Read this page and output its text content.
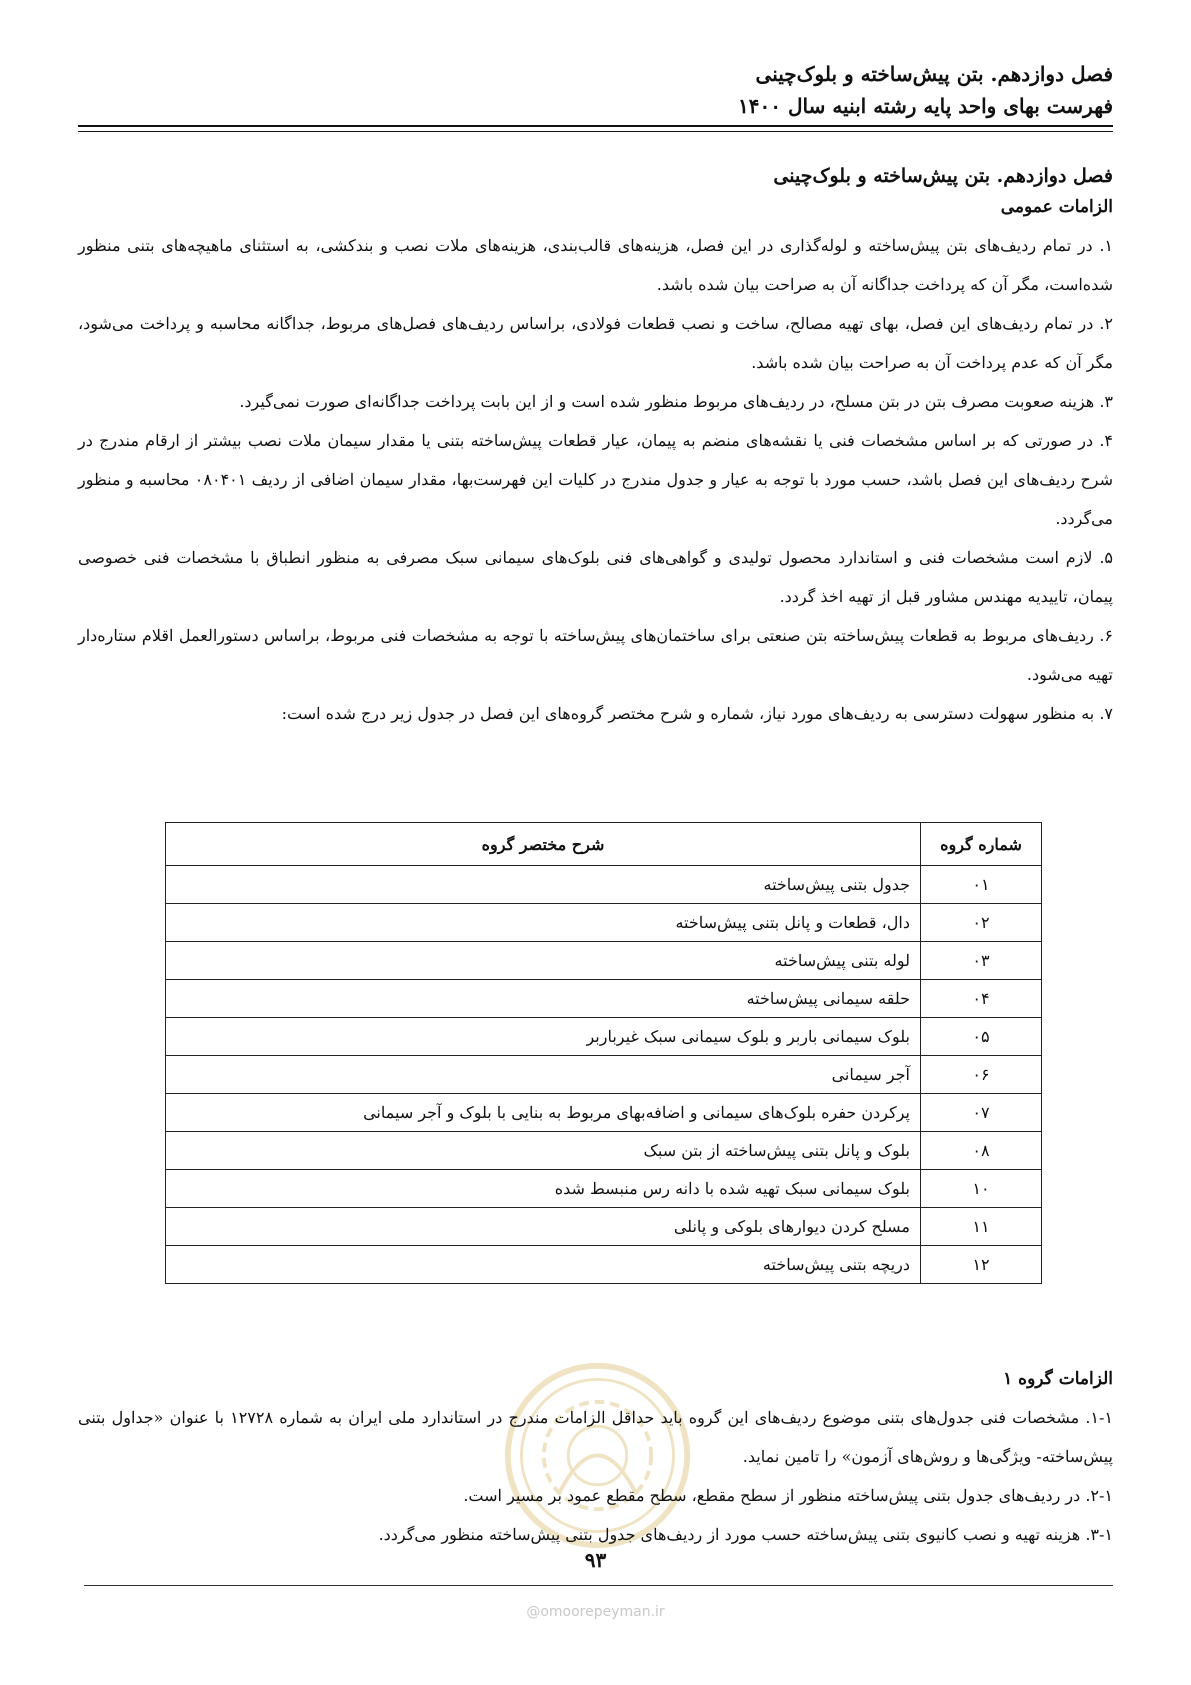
فصل دوازدهم. بتن پیش‌ساخته و بلوک‌چینی
فهرست بهای واحد پایه رشته ابنیه سال ۱۴۰۰

فصل دوازدهم. بتن پیش‌ساخته و بلوک‌چینی

الزامات عمومی

۱. در تمام ردیف‌های بتن پیش‌ساخته و لوله‌گذاری در این فصل، هزینه‌های قالب‌بندی، هزینه‌های ملات نصب و بندکشی، به استثنای ماهیچه‌های بتنی منظور شده‌است، مگر آن که پرداخت جداگانه آن به صراحت بیان شده باشد.

۲. در تمام ردیف‌های این فصل، بهای تهیه مصالح، ساخت و نصب قطعات فولادی، براساس ردیف‌های فصل‌های مربوط، جداگانه محاسبه و پرداخت می‌شود، مگر آن که عدم پرداخت آن به صراحت بیان شده باشد.

۳. هزینه صعوبت مصرف بتن در بتن مسلح، در ردیف‌های مربوط منظور شده است و از این بابت پرداخت جداگانه‌ای صورت نمی‌گیرد.

۴. در صورتی که بر اساس مشخصات فنی یا نقشه‌های منضم به پیمان، عیار قطعات پیش‌ساخته بتنی یا مقدار سیمان ملات نصب بیشتر از ارقام مندرج در شرح ردیف‌های این فصل باشد، حسب مورد با توجه به عیار و جدول مندرج در کلیات این فهرست‌بها، مقدار سیمان اضافی از ردیف ۰۸۰۴۰۱ محاسبه و منظور می‌گردد.

۵. لازم است مشخصات فنی و استاندارد محصول تولیدی و گواهی‌های فنی بلوک‌های سیمانی سبک مصرفی به منظور انطباق با مشخصات فنی خصوصی پیمان، تاییدیه مهندس مشاور قبل از تهیه اخذ گردد.

۶. ردیف‌های مربوط به قطعات پیش‌ساخته بتن صنعتی برای ساختمان‌های پیش‌ساخته با توجه به مشخصات فنی مربوط، براساس دستورالعمل اقلام ستاره‌دار تهیه می‌شود.

۷. به منظور سهولت دسترسی به ردیف‌های مورد نیاز، شماره و شرح مختصر گروه‌های این فصل در جدول زیر درج شده است:

شماره گروه	شرح مختصر گروه
۰۱	جدول بتنی پیش‌ساخته
۰۲	دال، قطعات و پانل بتنی پیش‌ساخته
۰۳	لوله بتنی پیش‌ساخته
۰۴	حلقه سیمانی پیش‌ساخته
۰۵	بلوک سیمانی باربر و بلوک سیمانی سبک غیرباربر
۰۶	آجر سیمانی
۰۷	پرکردن حفره بلوک‌های سیمانی و اضافه‌بهای مربوط به بنایی با بلوک و آجر سیمانی
۰۸	بلوک و پانل بتنی پیش‌ساخته از بتن سبک
۱۰	بلوک سیمانی سبک تهیه شده با دانه رس منبسط شده
۱۱	مسلح کردن دیوارهای بلوکی و پانلی
۱۲	دریچه بتنی پیش‌ساخته

الزامات گروه ۱

۱-۱. مشخصات فنی جدول‌های بتنی موضوع ردیف‌های این گروه باید حداقل الزامات مندرج در استاندارد ملی ایران به شماره ۱۲۷۲۸ با عنوان «جداول بتنی پیش‌ساخته- ویژگی‌ها و روش‌های آزمون» را تامین نماید.

۲-۱. در ردیف‌های جدول بتنی پیش‌ساخته منظور از سطح مقطع، سطح مقطع عمود بر مسیر است.

۳-۱. هزینه تهیه و نصب کانیوی بتنی پیش‌ساخته حسب مورد از ردیف‌های جدول بتنی پیش‌ساخته منظور می‌گردد.

۹۳
@omoorepeyman.ir
